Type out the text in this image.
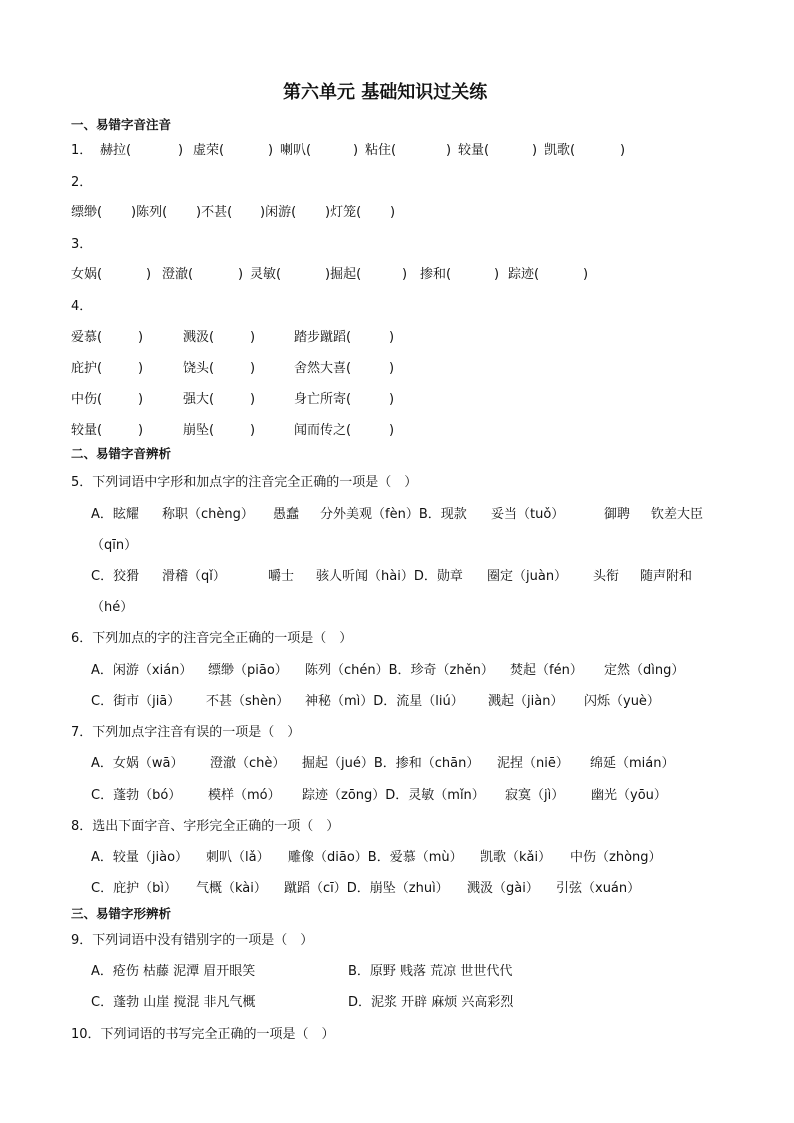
第六单元 基础知识过关练
一、易错字音注音
1． 赫拉(	) 虚荣(	) 喇叭(	) 粘住(	) 较量(	) 凯歌(	)
2．
缥缈( )陈列( )不甚( )闲游( )灯笼( )
3．
女娲(	) 澄澈(	) 灵敏(	)掘起(	) 掺和(	) 踪迹(	)
4．
爱慕(	)	溅汲(	)	踏步蹴蹈(	)
庇护(	)	饶头(	)	舍然大喜(	)
中伤(	)	强大(	)	身亡所寄(	)
较量(	)	崩坠(	)	闻而传之(	)
二、易错字音辨析
5．下列词语中字形和加点字的注音完全正确的一项是（　）
A．眩耀 称职（chèng） 愚蠢 分外美观（fèn）B．现款 妥当（tuǒ）	御聘 钦差大臣
（qīn）
C．狡猾 滑稽（qǐ）	嚼士 骇人听闻（hài）D．勋章 圈定（juàn） 头衔 随声附和
（hé）
6．下列加点的字的注音完全正确的一项是（　）
A．闲游（xián） 缥缈（piāo） 陈列（chén）B．珍奇（zhěn） 焚起（fén） 定然（dìng）
C．街市（jiā） 不甚（shèn） 神秘（mì）D．流星（liú） 溅起（jiàn） 闪烁（yuè）
7．下列加点字注音有误的一项是（　）
A．女娲（wā） 澄澈（chè） 掘起（jué）B．掺和（chān） 泥捏（niē） 绵延（mián）
C．蓬勃（bó） 模样（mó） 踪迹（zōng）D．灵敏（mǐn） 寂寞（jì） 幽光（yōu）
8．选出下面字音、字形完全正确的一项（　）
A．较量（jiào） 刺叭（lǎ） 雕像（diāo）B．爱慕（mù） 凯歌（kǎi） 中伤（zhòng）
C．庇护（bì） 气概（kài） 蹴蹈（cī）D．崩坠（zhuì） 溅汲（gài） 引弦（xuán）
三、易错字形辨析
9．下列词语中没有错别字的一项是（　）
A．疮伤 枯藤 泥潭 眉开眼笑	B．原野 贱落 荒凉 世世代代
C．蓬勃 山崖 搅混 非凡气概	D．泥浆 开辟 麻烦 兴高彩烈
10．下列词语的书写完全正确的一项是（　）
